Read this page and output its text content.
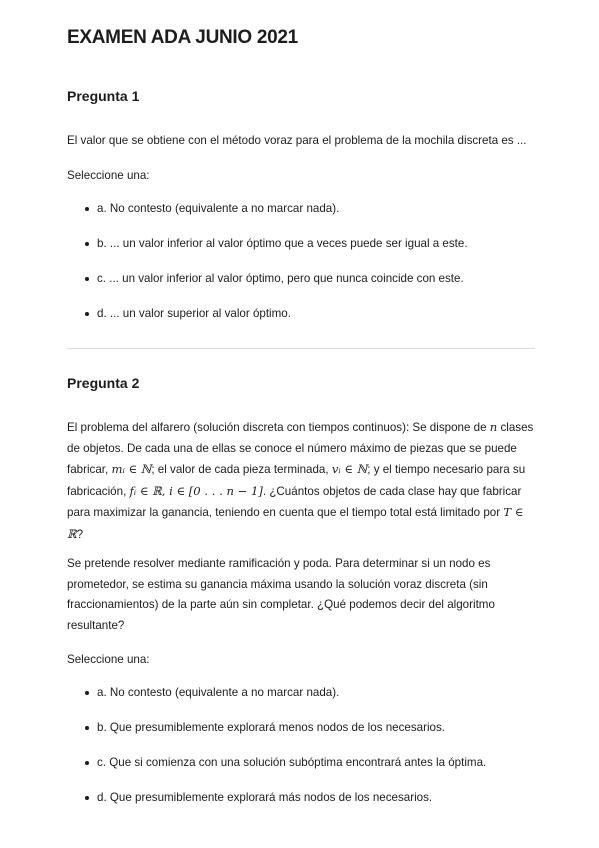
EXAMEN ADA JUNIO 2021
Pregunta 1

El valor que se obtiene con el método voraz para el problema de la mochila discreta es ...

Seleccione una:

a. No contesto (equivalente a no marcar nada).
b. ... un valor inferior al valor óptimo que a veces puede ser igual a este.
c. ... un valor inferior al valor óptimo, pero que nunca coincide con este.
d. ... un valor superior al valor óptimo.
Pregunta 2

El problema del alfarero (solución discreta con tiempos continuos): Se dispone de n clases de objetos. De cada una de ellas se conoce el número máximo de piezas que se puede fabricar, mᵢ ∈ ℕ; el valor de cada pieza terminada, vᵢ ∈ ℕ; y el tiempo necesario para su fabricación, fᵢ ∈ ℝ, i ∈ [0 . . . n − 1]. ¿Cuántos objetos de cada clase hay que fabricar para maximizar la ganancia, teniendo en cuenta que el tiempo total está limitado por T ∈ ℝ?

Se pretende resolver mediante ramificación y poda. Para determinar si un nodo es prometedor, se estima su ganancia máxima usando la solución voraz discreta (sin fraccionamientos) de la parte aún sin completar. ¿Qué podemos decir del algoritmo resultante?

Seleccione una:

a. No contesto (equivalente a no marcar nada).
b. Que presumiblemente explorará menos nodos de los necesarios.
c. Que si comienza con una solución subóptima encontrará antes la óptima.
d. Que presumiblemente explorará más nodos de los necesarios.
